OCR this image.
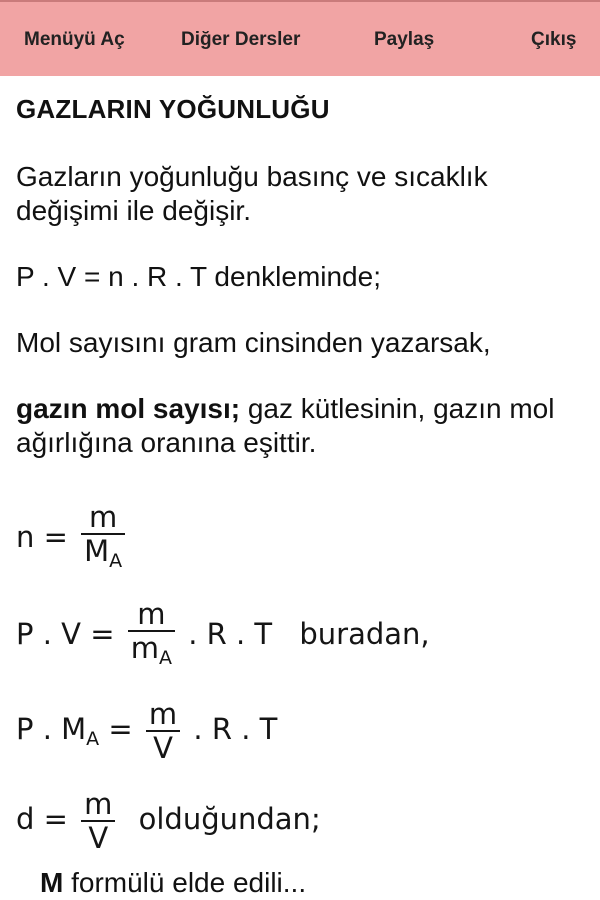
Menüyü Aç	Diğer Dersler	Paylaş	Çıkış
GAZLARIN YOĞUNLUĞU
Gazların yoğunluğu basınç ve sıcaklık değişimi ile değişir.
P . V = n . R . T denkleminde;
Mol sayısını gram cinsinden yazarsak,
gazın mol sayısı; gaz kütlesinin, gazın mol ağırlığına oranına eşittir.
$n = \frac{m}{M_A}$
P . $V = \frac{m}{m_A}$ . R . T buradan,
P . $M_A = \frac{m}{V}$ . R . T
$d = \frac{m}{V}$ olduğundan;
M formülü elde edili...
